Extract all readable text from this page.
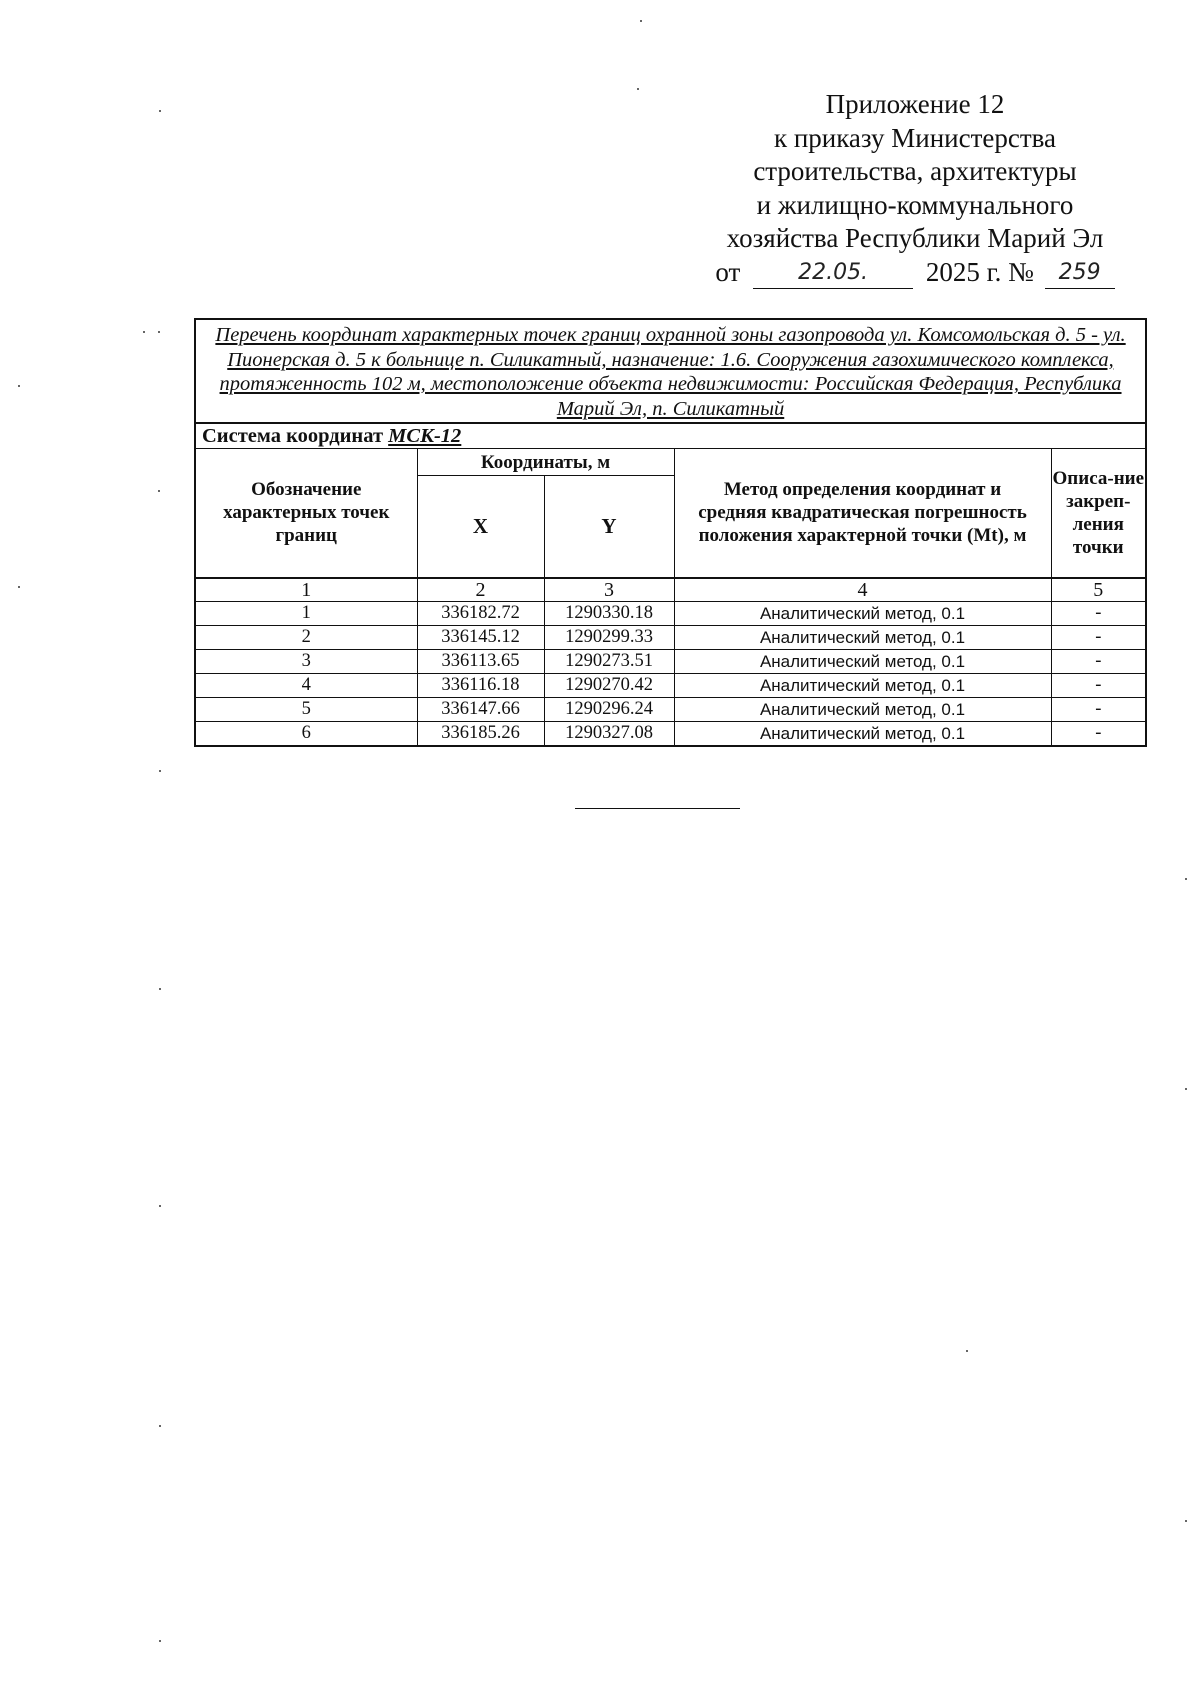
Приложение 12
к приказу Министерства
строительства, архитектуры
и жилищно-коммунального
хозяйства Республики Марий Эл
от	22.05. 2025 г. № 259
Перечень координат характерных точек границ охранной зоны газопровода ул. Комсомольская д. 5 - ул. Пионерская д. 5 к больнице п. Силикатный, назначение: 1.6. Сооружения газохимического комплекса, протяженность 102 м, местоположение объекта недвижимости: Российская Федерация, Республика Марий Эл, п. Силикатный				
Система координат МСК-12				
Обозначение характерных точек границ	Координаты, м		Метод определения координат и средняя квадратическая погрешность положения характерной точки (Mt), м	Описа-ние закреп-ления точки
	X	Y		
1	2	3	4	5
1	336182.72	1290330.18	Аналитический метод, 0.1	-
2	336145.12	1290299.33	Аналитический метод, 0.1	-
3	336113.65	1290273.51	Аналитический метод, 0.1	-
4	336116.18	1290270.42	Аналитический метод, 0.1	-
5	336147.66	1290296.24	Аналитический метод, 0.1	-
6	336185.26	1290327.08	Аналитический метод, 0.1	-
